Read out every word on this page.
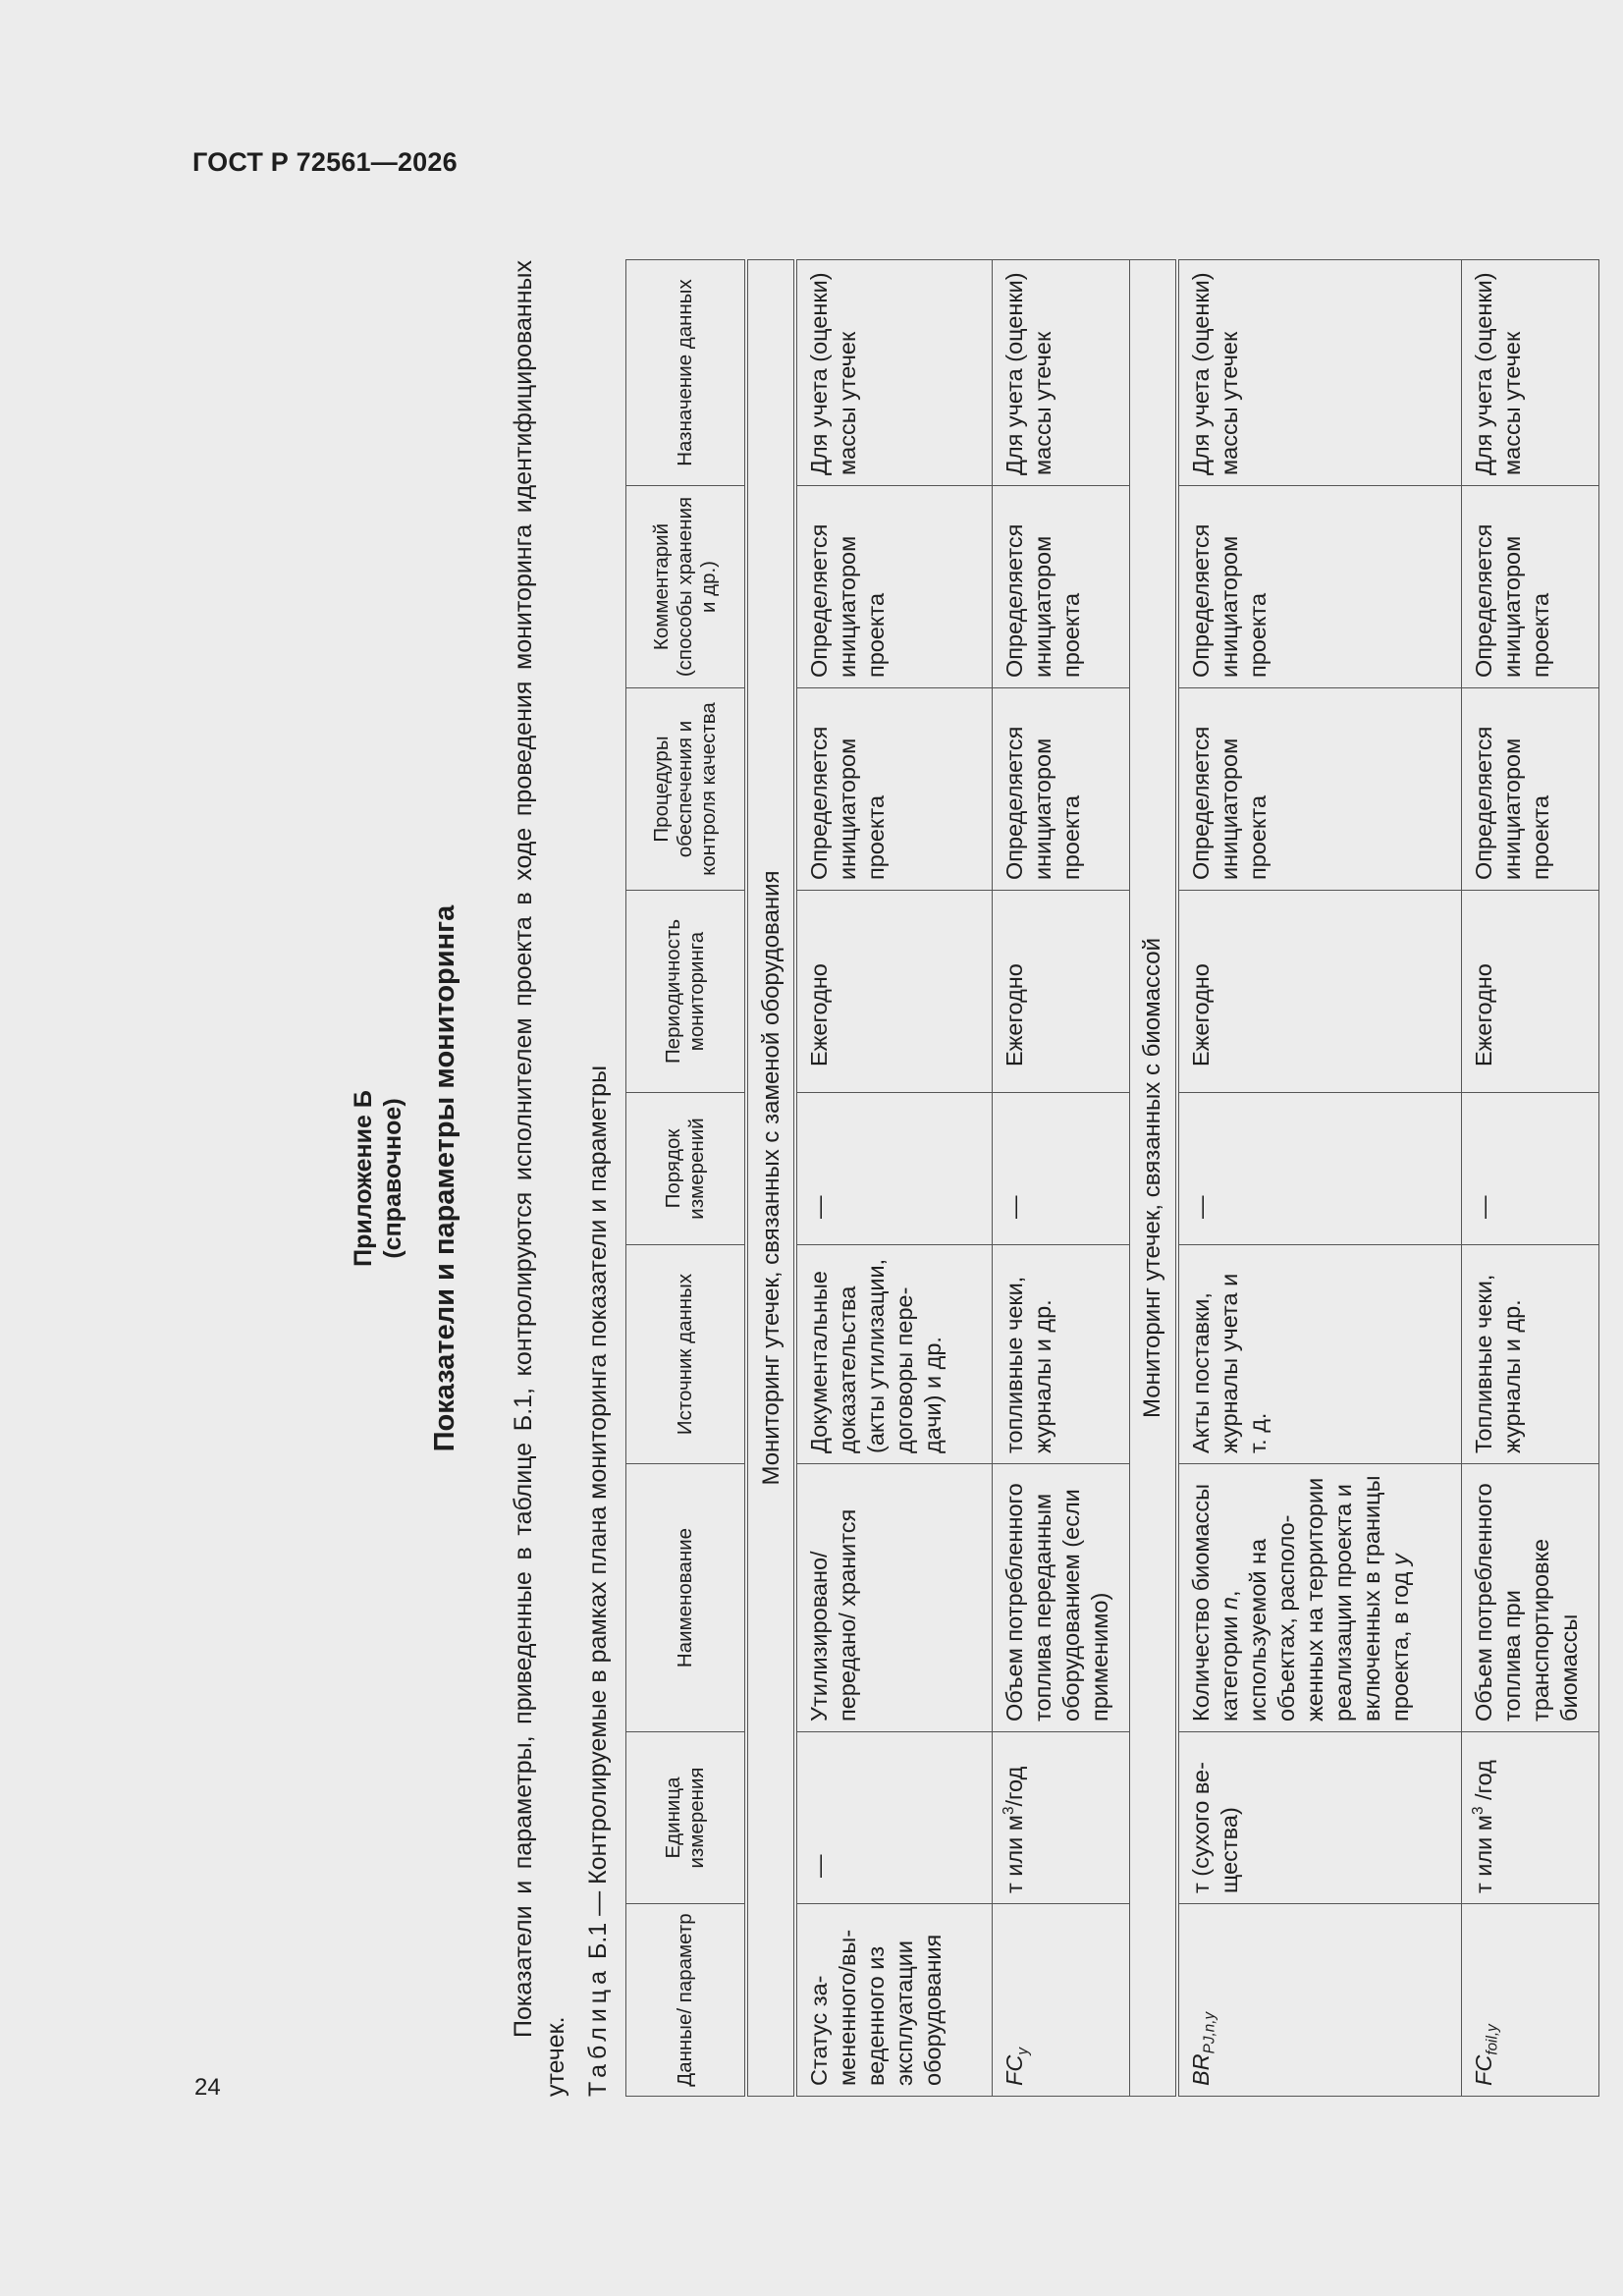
ГОСТ Р 72561—2026
24
Приложение Б (справочное) Показатели и параметры мониторинга Показатели и параметры, приведенные в таблице Б.1, контролируются исполнителем проекта в ходе проведения мониторинга идентифицированных утечек. Таблица Б.1 — Контролируемые в рамках плана мониторинга показатели и параметры
Данные/ параметр	Единица измерения	Наименование	Источник данных	Порядок измерений	Периодичность мониторинга	Процедуры обеспечения и контроля качества	Комментарий (способы хранения и др.)	Назначение данных
Мониторинг утечек, связанных с заменой оборудования								
Статус замененного/выведенного из эксплуатации оборудования	—	Утилизировано/ передано/ хранится	Документальные доказательства (акты утилизации, договоры передачи) и др.	—	Ежегодно	Определяется инициатором проекта	Определяется инициатором проекта	Для учета (оценки) массы утечек
$FC_y$	т или $м^3$/год	Объем потребленного топлива переданным оборудованием (если применимо)	топливные чеки, журналы и др.	—	Ежегодно	Определяется инициатором проекта	Определяется инициатором проекта	Для учета (оценки) массы утечек
Мониторинг утечек, связанных с биомассой								
$BR_{PJ,n,y}$	т (сухого вещества)	Количество биомассы категории n, используемой на объектах, расположенных на территории реализации проекта и включенных в границы проекта, в год y	Акты поставки, журналы учета и т. д.	—	Ежегодно	Определяется инициатором проекта	Определяется инициатором проекта	Для учета (оценки) массы утечек
$FC_{foil,y}$	т или $м^3$ /год	Объем потребленного топлива при транспортировке биомассы	Топливные чеки, журналы и др.	—	Ежегодно	Определяется инициатором проекта	Определяется инициатором проекта	Для учета (оценки) массы утечек
